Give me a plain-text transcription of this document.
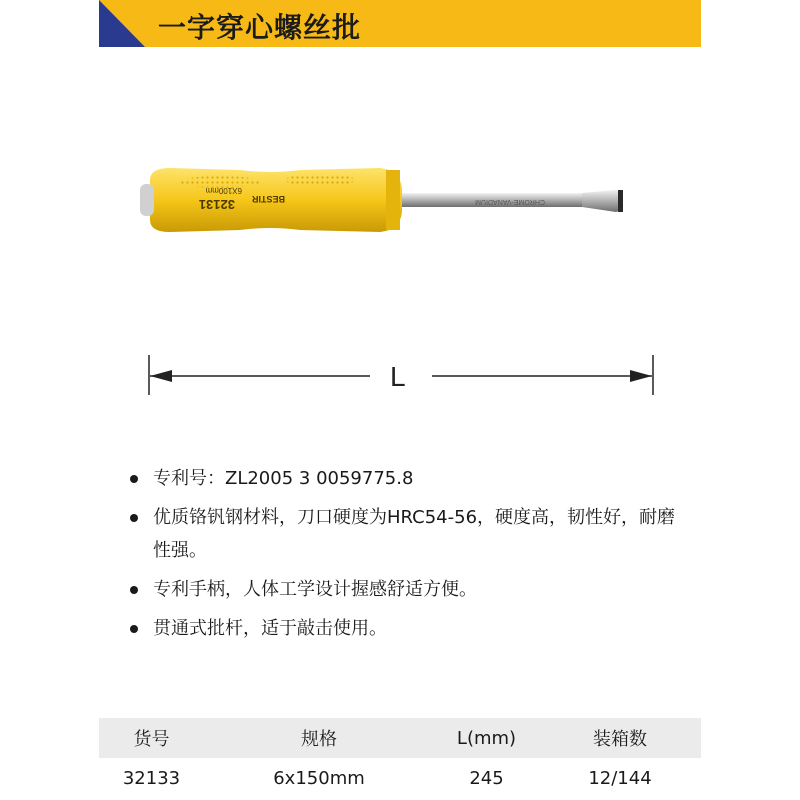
一字穿心螺丝批
32131
6X100mm
BESTIR	CHROME-VANADIUM
L
专利号：ZL2005 3 0059775.8
优质铬钒钢材料，刀口硬度为HRC54-56，硬度高，韧性好，耐磨性强。
专利手柄，人体工学设计握感舒适方便。
贯通式批杆，适于敲击使用。
货号	规格	L(mm)	装箱数
32133	6x150mm	245	12/144
